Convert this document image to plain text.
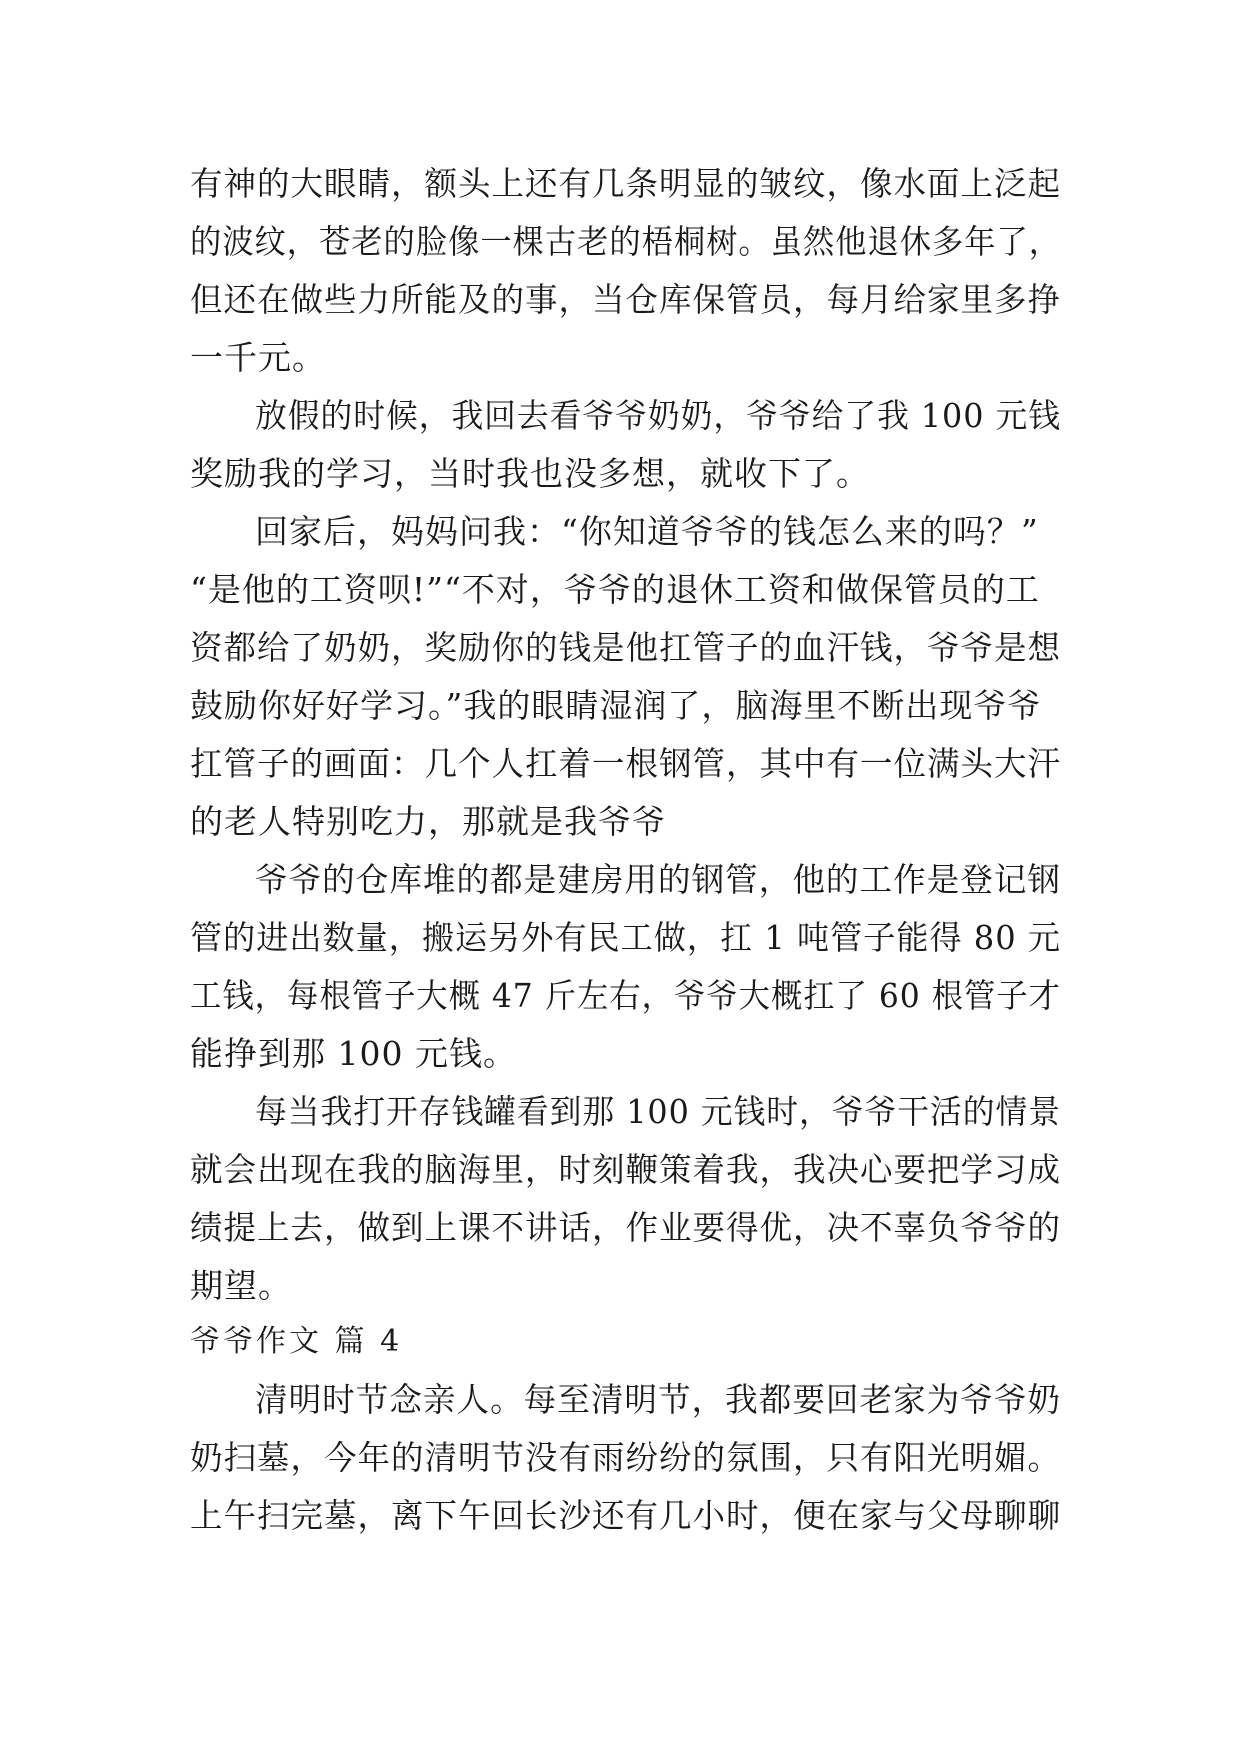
有神的大眼睛，额头上还有几条明显的皱纹，像水面上泛起
的波纹，苍老的脸像一棵古老的梧桐树。虽然他退休多年了，
但还在做些力所能及的事，当仓库保管员，每月给家里多挣
一千元。
放假的时候，我回去看爷爷奶奶，爷爷给了我 100 元钱
奖励我的学习，当时我也没多想，就收下了。
回家后，妈妈问我：“你知道爷爷的钱怎么来的吗？”
“是他的工资呗!”“不对，爷爷的退休工资和做保管员的工
资都给了奶奶，奖励你的钱是他扛管子的血汗钱，爷爷是想
鼓励你好好学习。”我的眼睛湿润了，脑海里不断出现爷爷
扛管子的画面：几个人扛着一根钢管，其中有一位满头大汗
的老人特别吃力，那就是我爷爷
爷爷的仓库堆的都是建房用的钢管，他的工作是登记钢
管的进出数量，搬运另外有民工做，扛 1 吨管子能得 80 元
工钱，每根管子大概 47 斤左右，爷爷大概扛了 60 根管子才
能挣到那 100 元钱。
每当我打开存钱罐看到那 100 元钱时，爷爷干活的情景
就会出现在我的脑海里，时刻鞭策着我，我决心要把学习成
绩提上去，做到上课不讲话，作业要得优，决不辜负爷爷的
期望。
爷爷作文 篇 4
清明时节念亲人。每至清明节，我都要回老家为爷爷奶
奶扫墓，今年的清明节没有雨纷纷的氛围，只有阳光明媚。
上午扫完墓，离下午回长沙还有几小时，便在家与父母聊聊
